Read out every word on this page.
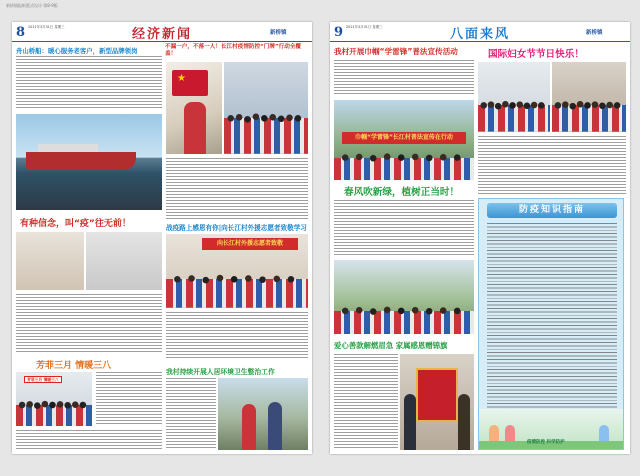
新桥镇报纸版式设计·第8-9版
8 2021年3月31日 星期三	经济新闻	新桥镇
舟山桥船：暖心服务老客户，新型品牌领岗	不漏一户，不落一人！长江村疫情防控“门牌”行动全覆盖！
★
有种信念，叫“疫”往无前！	战疫路上感恩有你|向长江村外援志愿者致敬学习
向长江村外援志愿者致敬
芳菲三月 情暖三八
芳菲三月 情暖三八
我村持续开展人居环境卫生整治工作
9 2021年3月31日 星期三	八面来风	新桥镇
我村开展巾帼“学雷锋”普法宣传活动
巾帼“学雷锋”长江村普法宣传在行动
国际妇女节节日快乐！
春风吹新绿，植树正当时！
爱心善款解燃眉急 家属感恩赠锦旗
防疫知识指南
疫情防控 科学防护
